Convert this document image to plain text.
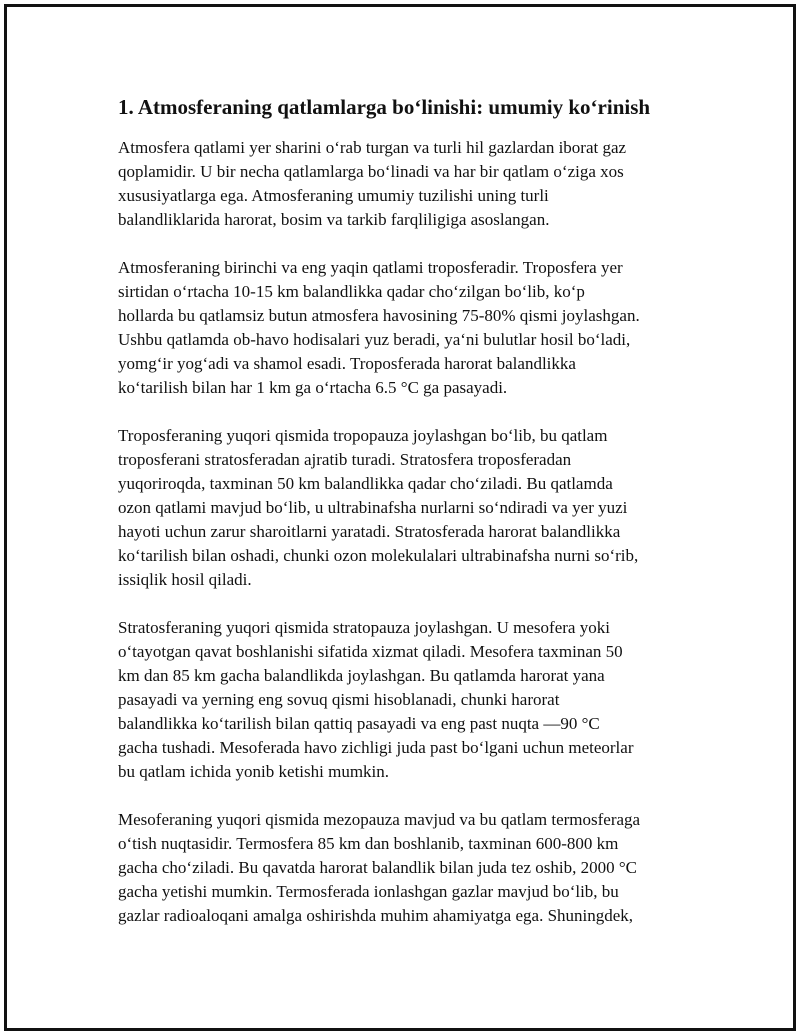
1. Atmosferaning qatlamlarga bo‘linishi: umumiy ko‘rinish

Atmosfera qatlami yer sharini o‘rab turgan va turli hil gazlardan iborat gaz
qoplamidir. U bir necha qatlamlarga bo‘linadi va har bir qatlam o‘ziga xos
xususiyatlarga ega. Atmosferaning umumiy tuzilishi uning turli
balandliklarida harorat, bosim va tarkib farqliligiga asoslangan.

Atmosferaning birinchi va eng yaqin qatlami troposferadir. Troposfera yer
sirtidan o‘rtacha 10-15 km balandlikka qadar cho‘zilgan bo‘lib, ko‘p
hollarda bu qatlamsiz butun atmosfera havosining 75-80% qismi joylashgan.
Ushbu qatlamda ob-havo hodisalari yuz beradi, ya‘ni bulutlar hosil bo‘ladi,
yomg‘ir yog‘adi va shamol esadi. Troposferada harorat balandlikka
ko‘tarilish bilan har 1 km ga o‘rtacha 6.5 °C ga pasayadi.

Troposferaning yuqori qismida tropopauza joylashgan bo‘lib, bu qatlam
troposferani stratosferadan ajratib turadi. Stratosfera troposferadan
yuqoriroqda, taxminan 50 km balandlikka qadar cho‘ziladi. Bu qatlamda
ozon qatlami mavjud bo‘lib, u ultrabinafsha nurlarni so‘ndiradi va yer yuzi
hayoti uchun zarur sharoitlarni yaratadi. Stratosferada harorat balandlikka
ko‘tarilish bilan oshadi, chunki ozon molekulalari ultrabinafsha nurni so‘rib,
issiqlik hosil qiladi.

Stratosferaning yuqori qismida stratopauza joylashgan. U mesofera yoki
o‘tayotgan qavat boshlanishi sifatida xizmat qiladi. Mesofera taxminan 50
km dan 85 km gacha balandlikda joylashgan. Bu qatlamda harorat yana
pasayadi va yerning eng sovuq qismi hisoblanadi, chunki harorat
balandlikka ko‘tarilish bilan qattiq pasayadi va eng past nuqta —90 °C
gacha tushadi. Mesoferada havo zichligi juda past bo‘lgani uchun meteorlar
bu qatlam ichida yonib ketishi mumkin.

Mesoferaning yuqori qismida mezopauza mavjud va bu qatlam termosferaga
o‘tish nuqtasidir. Termosfera 85 km dan boshlanib, taxminan 600-800 km
gacha cho‘ziladi. Bu qavatda harorat balandlik bilan juda tez oshib, 2000 °C
gacha yetishi mumkin. Termosferada ionlashgan gazlar mavjud bo‘lib, bu
gazlar radioaloqani amalga oshirishda muhim ahamiyatga ega. Shuningdek,
